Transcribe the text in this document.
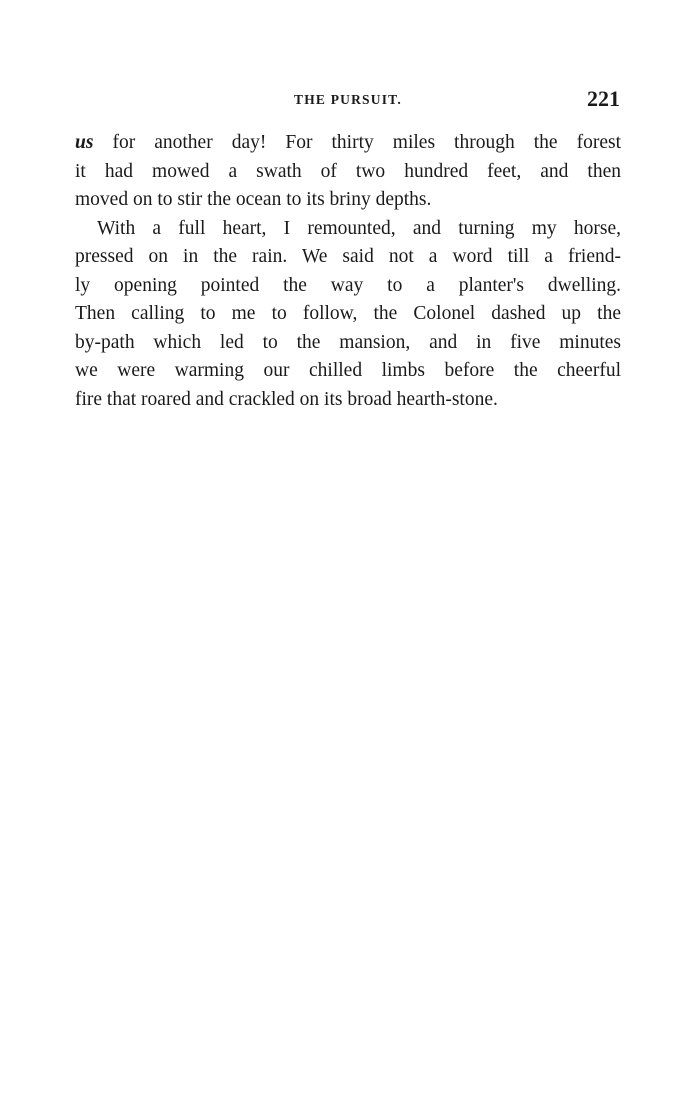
THE PURSUIT.	221
us for another day! For thirty miles through the forest
it had mowed a swath of two hundred feet, and then
moved on to stir the ocean to its briny depths.
With a full heart, I remounted, and turning my horse,
pressed on in the rain. We said not a word till a friend-
ly opening pointed the way to a planter's dwelling.
Then calling to me to follow, the Colonel dashed up the
by-path which led to the mansion, and in five minutes
we were warming our chilled limbs before the cheerful
fire that roared and crackled on its broad hearth-stone.
